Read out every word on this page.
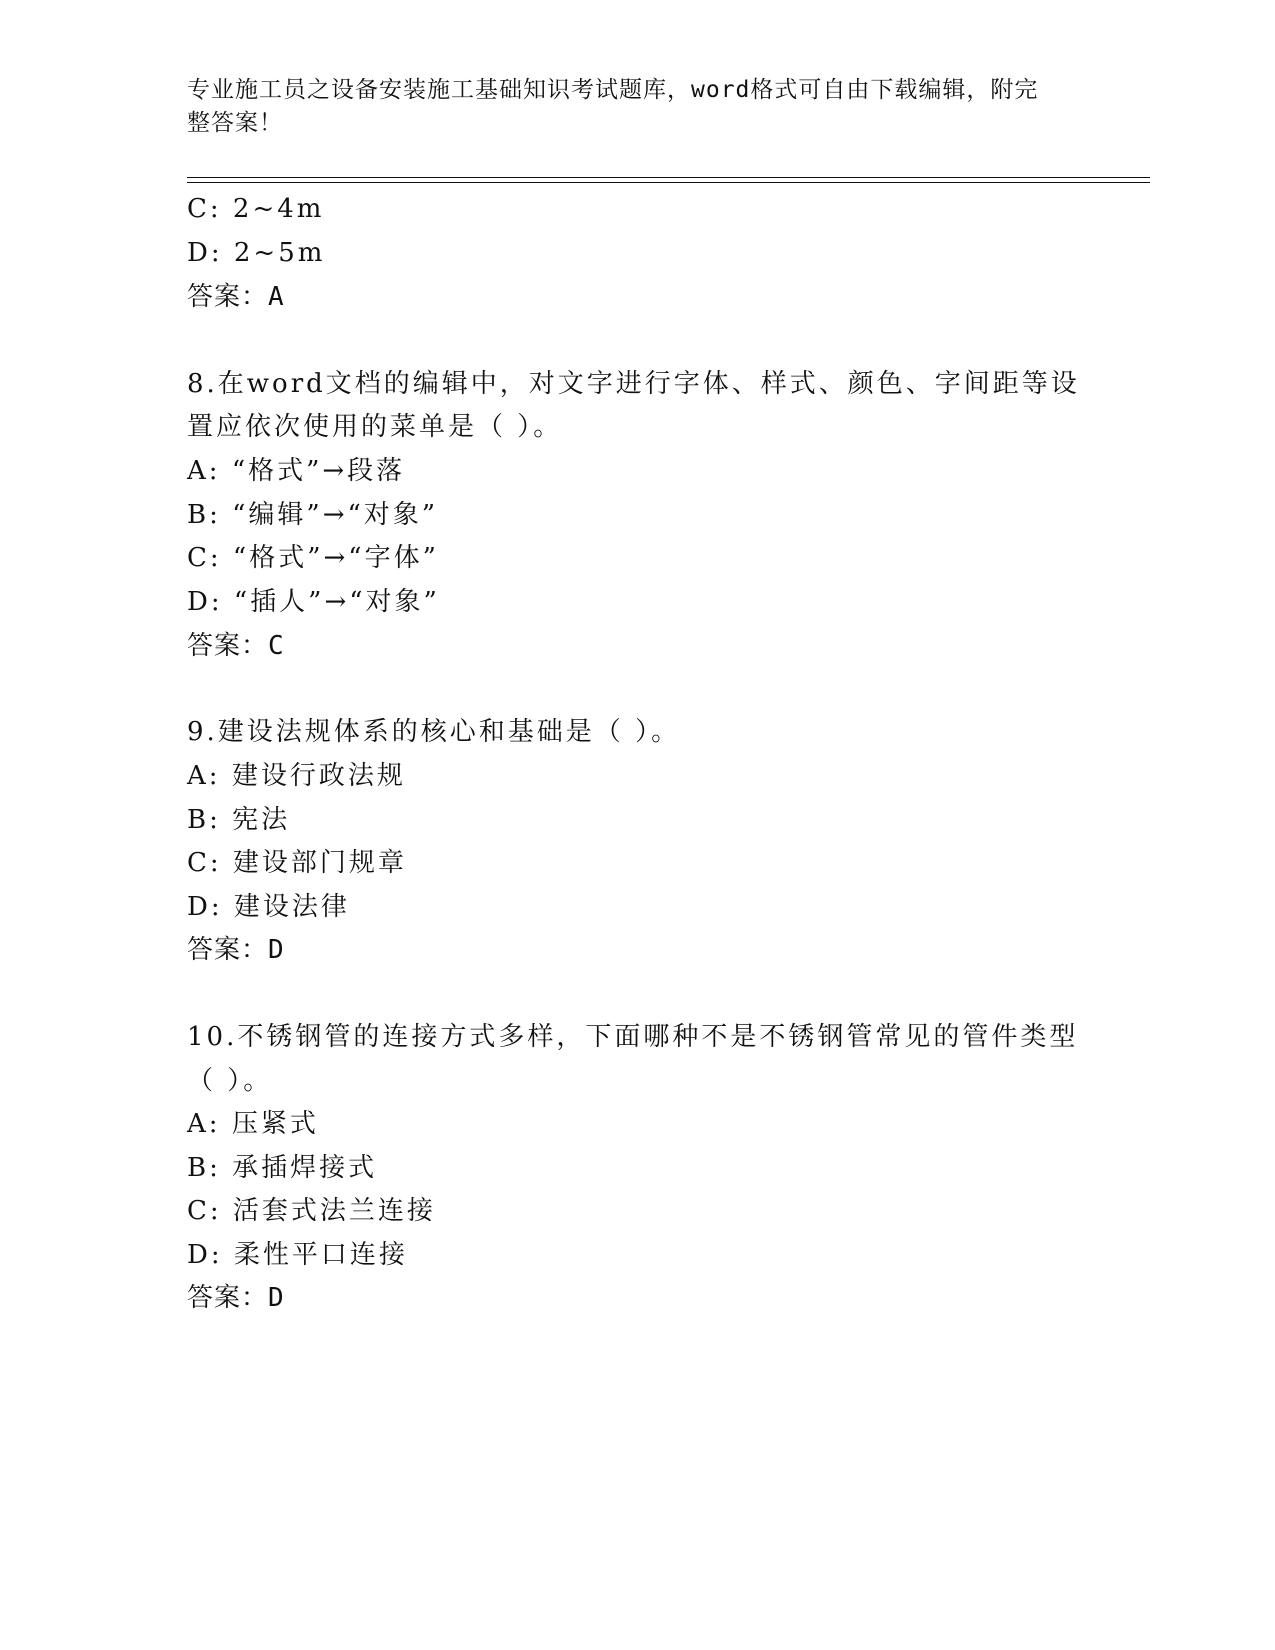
专业施工员之设备安装施工基础知识考试题库，word格式可自由下载编辑，附完
整答案！
C: 2~4m
D: 2~5m
答案：A
8.在word文档的编辑中，对文字进行字体、样式、颜色、字间距等设
置应依次使用的菜单是（ ）。
A: “格式”→段落
B: “编辑”→“对象”
C: “格式”→“字体”
D: “插人”→“对象”
答案：C
9.建设法规体系的核心和基础是（ ）。
A: 建设行政法规
B: 宪法
C: 建设部门规章
D: 建设法律
答案：D
10.不锈钢管的连接方式多样，下面哪种不是不锈钢管常见的管件类型
（ ）。
A: 压紧式
B: 承插焊接式
C: 活套式法兰连接
D: 柔性平口连接
答案：D
